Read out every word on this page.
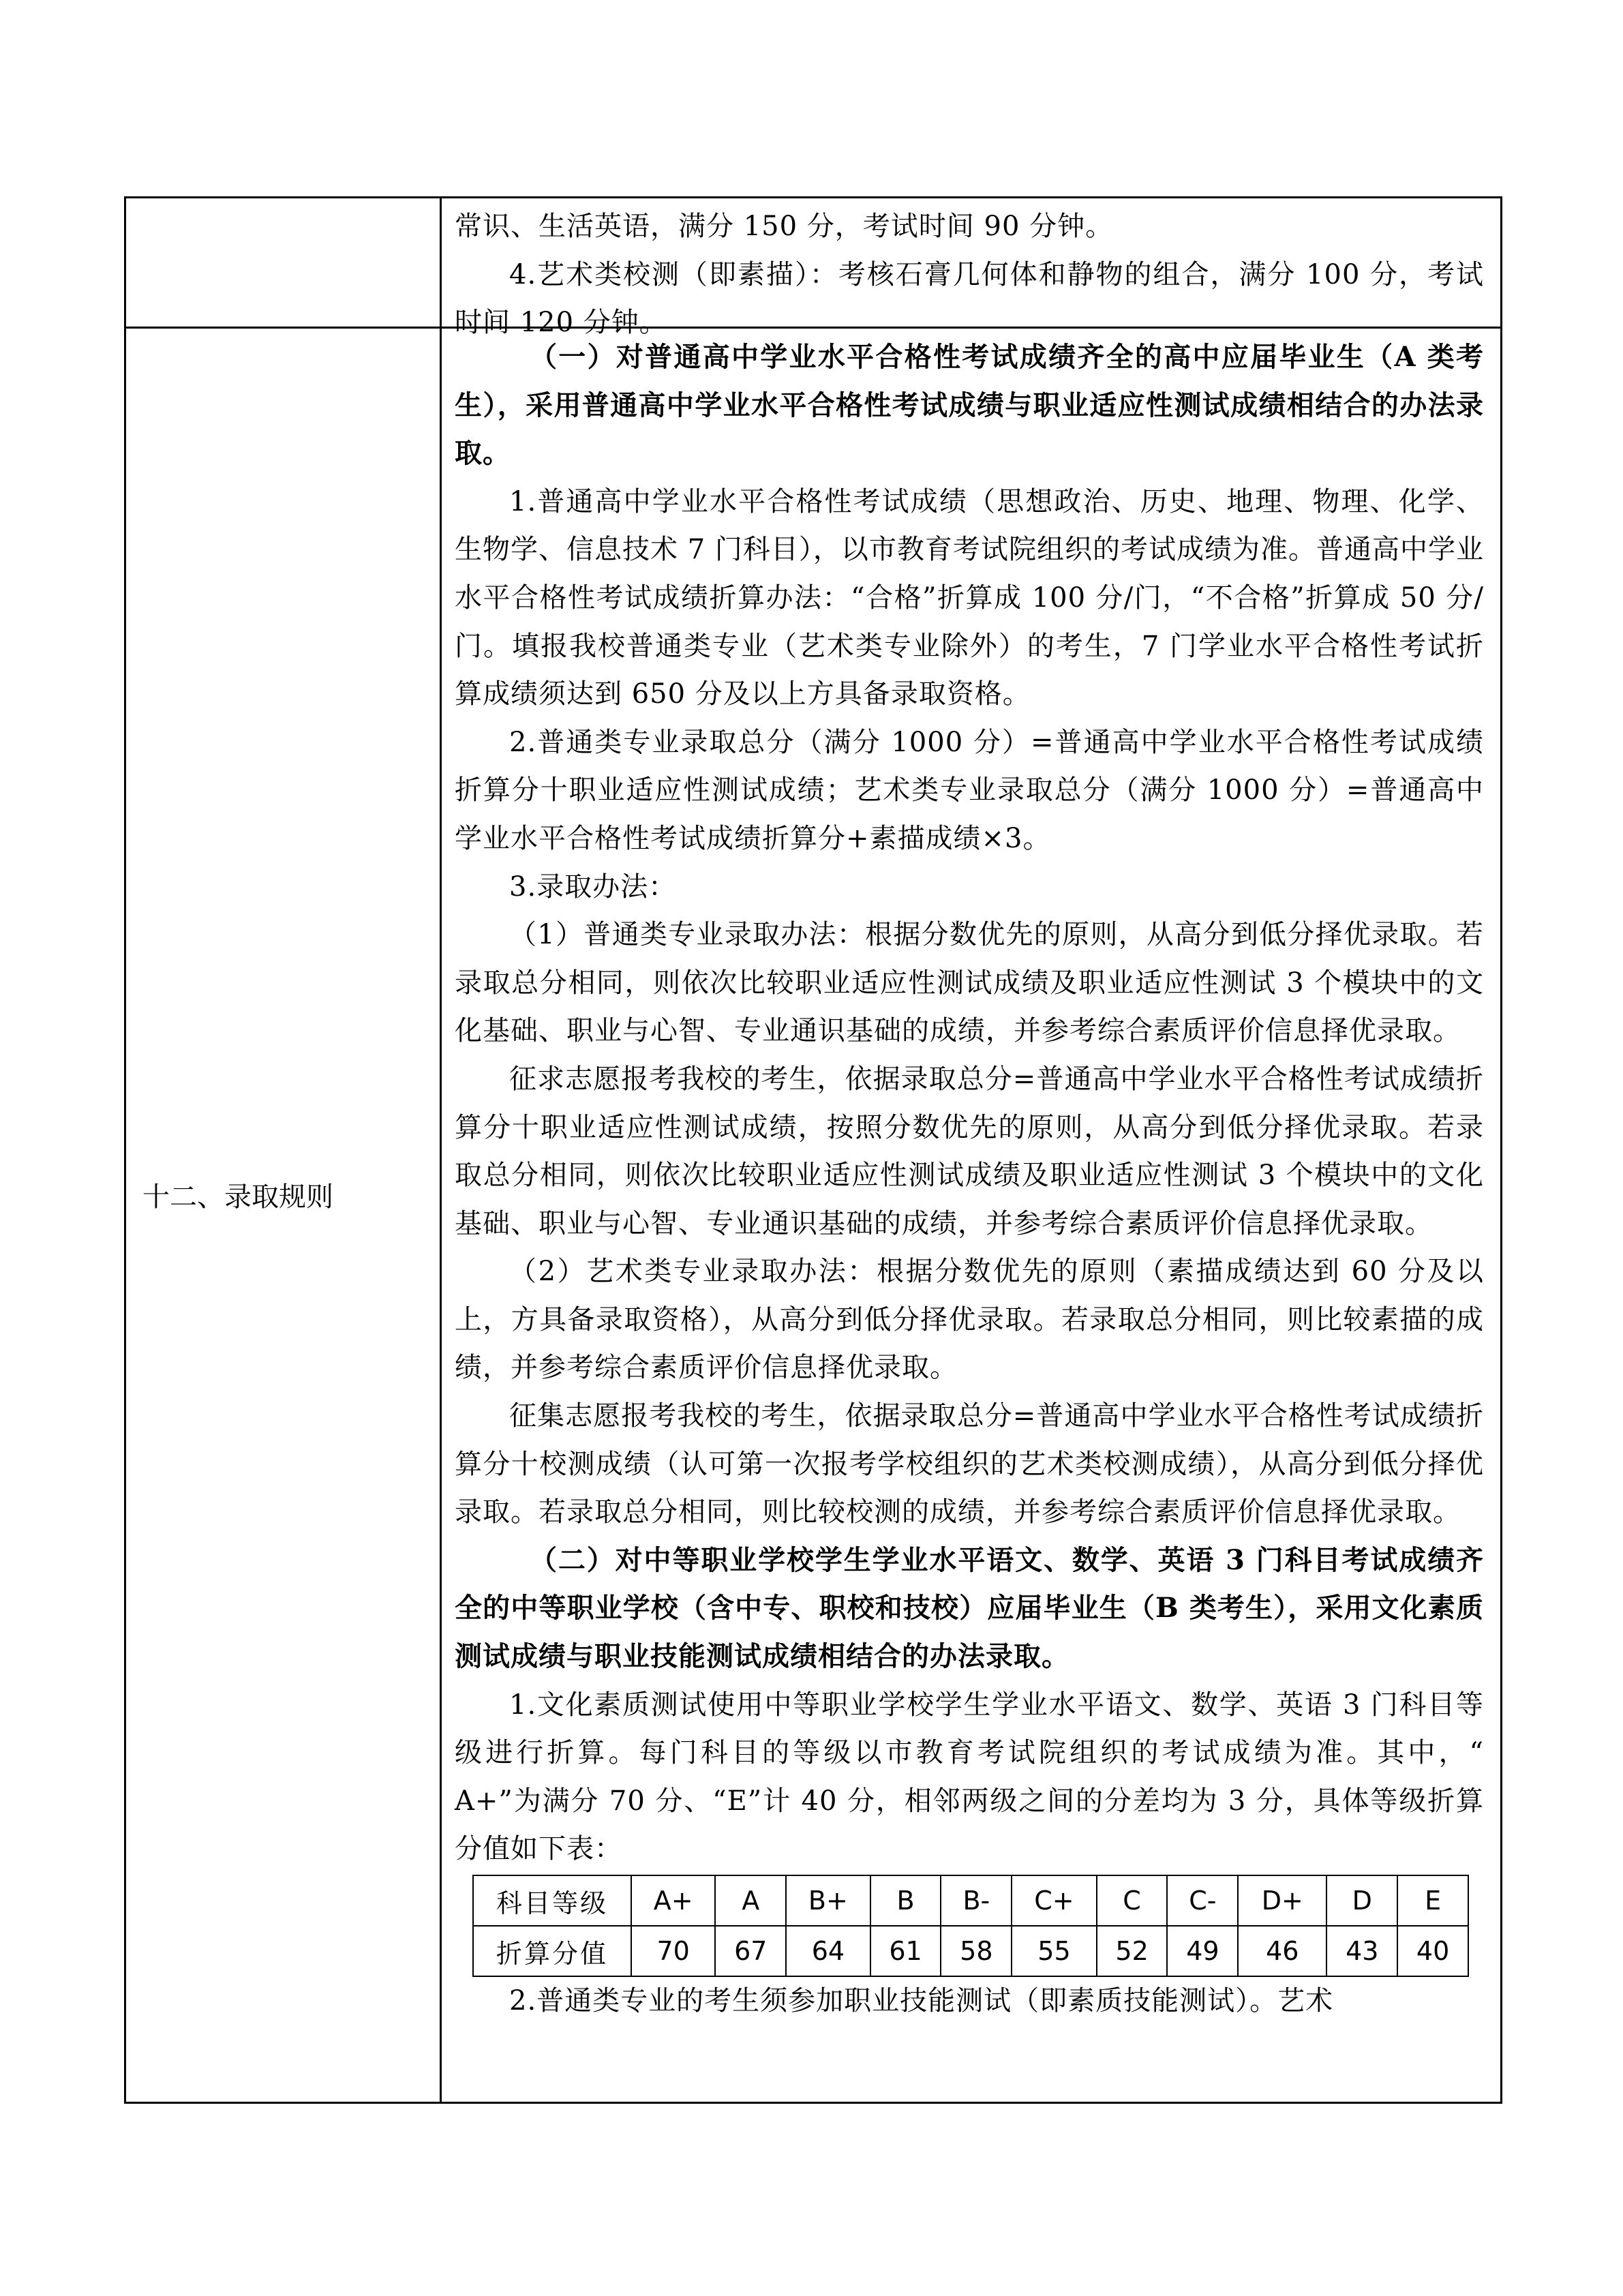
常识、生活英语，满分 150 分，考试时间 90 分钟。

4.艺术类校测（即素描）：考核石膏几何体和静物的组合，满分 100 分，考试时间 120 分钟。

十二、录取规则

（一）对普通高中学业水平合格性考试成绩齐全的高中应届毕业生（A 类考生），采用普通高中学业水平合格性考试成绩与职业适应性测试成绩相结合的办法录取。

1.普通高中学业水平合格性考试成绩（思想政治、历史、地理、物理、化学、生物学、信息技术 7 门科目），以市教育考试院组织的考试成绩为准。普通高中学业水平合格性考试成绩折算办法：“合格”折算成 100 分/门，“不合格”折算成 50 分/门。填报我校普通类专业（艺术类专业除外）的考生，7 门学业水平合格性考试折算成绩须达到 650 分及以上方具备录取资格。

2.普通类专业录取总分（满分 1000 分）=普通高中学业水平合格性考试成绩折算分十职业适应性测试成绩；艺术类专业录取总分（满分 1000 分）=普通高中学业水平合格性考试成绩折算分+素描成绩×3。

3.录取办法：

（1）普通类专业录取办法：根据分数优先的原则，从高分到低分择优录取。若录取总分相同，则依次比较职业适应性测试成绩及职业适应性测试 3 个模块中的文化基础、职业与心智、专业通识基础的成绩，并参考综合素质评价信息择优录取。

征求志愿报考我校的考生，依据录取总分=普通高中学业水平合格性考试成绩折算分十职业适应性测试成绩，按照分数优先的原则，从高分到低分择优录取。若录取总分相同，则依次比较职业适应性测试成绩及职业适应性测试 3 个模块中的文化基础、职业与心智、专业通识基础的成绩，并参考综合素质评价信息择优录取。

（2）艺术类专业录取办法：根据分数优先的原则（素描成绩达到 60 分及以上，方具备录取资格），从高分到低分择优录取。若录取总分相同，则比较素描的成绩，并参考综合素质评价信息择优录取。

征集志愿报考我校的考生，依据录取总分=普通高中学业水平合格性考试成绩折算分十校测成绩（认可第一次报考学校组织的艺术类校测成绩），从高分到低分择优录取。若录取总分相同，则比较校测的成绩，并参考综合素质评价信息择优录取。

（二）对中等职业学校学生学业水平语文、数学、英语 3 门科目考试成绩齐全的中等职业学校（含中专、职校和技校）应届毕业生（B 类考生），采用文化素质测试成绩与职业技能测试成绩相结合的办法录取。

1.文化素质测试使用中等职业学校学生学业水平语文、数学、英语 3 门科目等级进行折算。每门科目的等级以市教育考试院组织的考试成绩为准。其中，“ A+”为满分 70 分、“E”计 40 分，相邻两级之间的分差均为 3 分，具体等级折算分值如下表：

科目等级	A+	A	B+	B	B-	C+	C	C-	D+	D	E
折算分值	70	67	64	61	58	55	52	49	46	43	40

2.普通类专业的考生须参加职业技能测试（即素质技能测试）。艺术
